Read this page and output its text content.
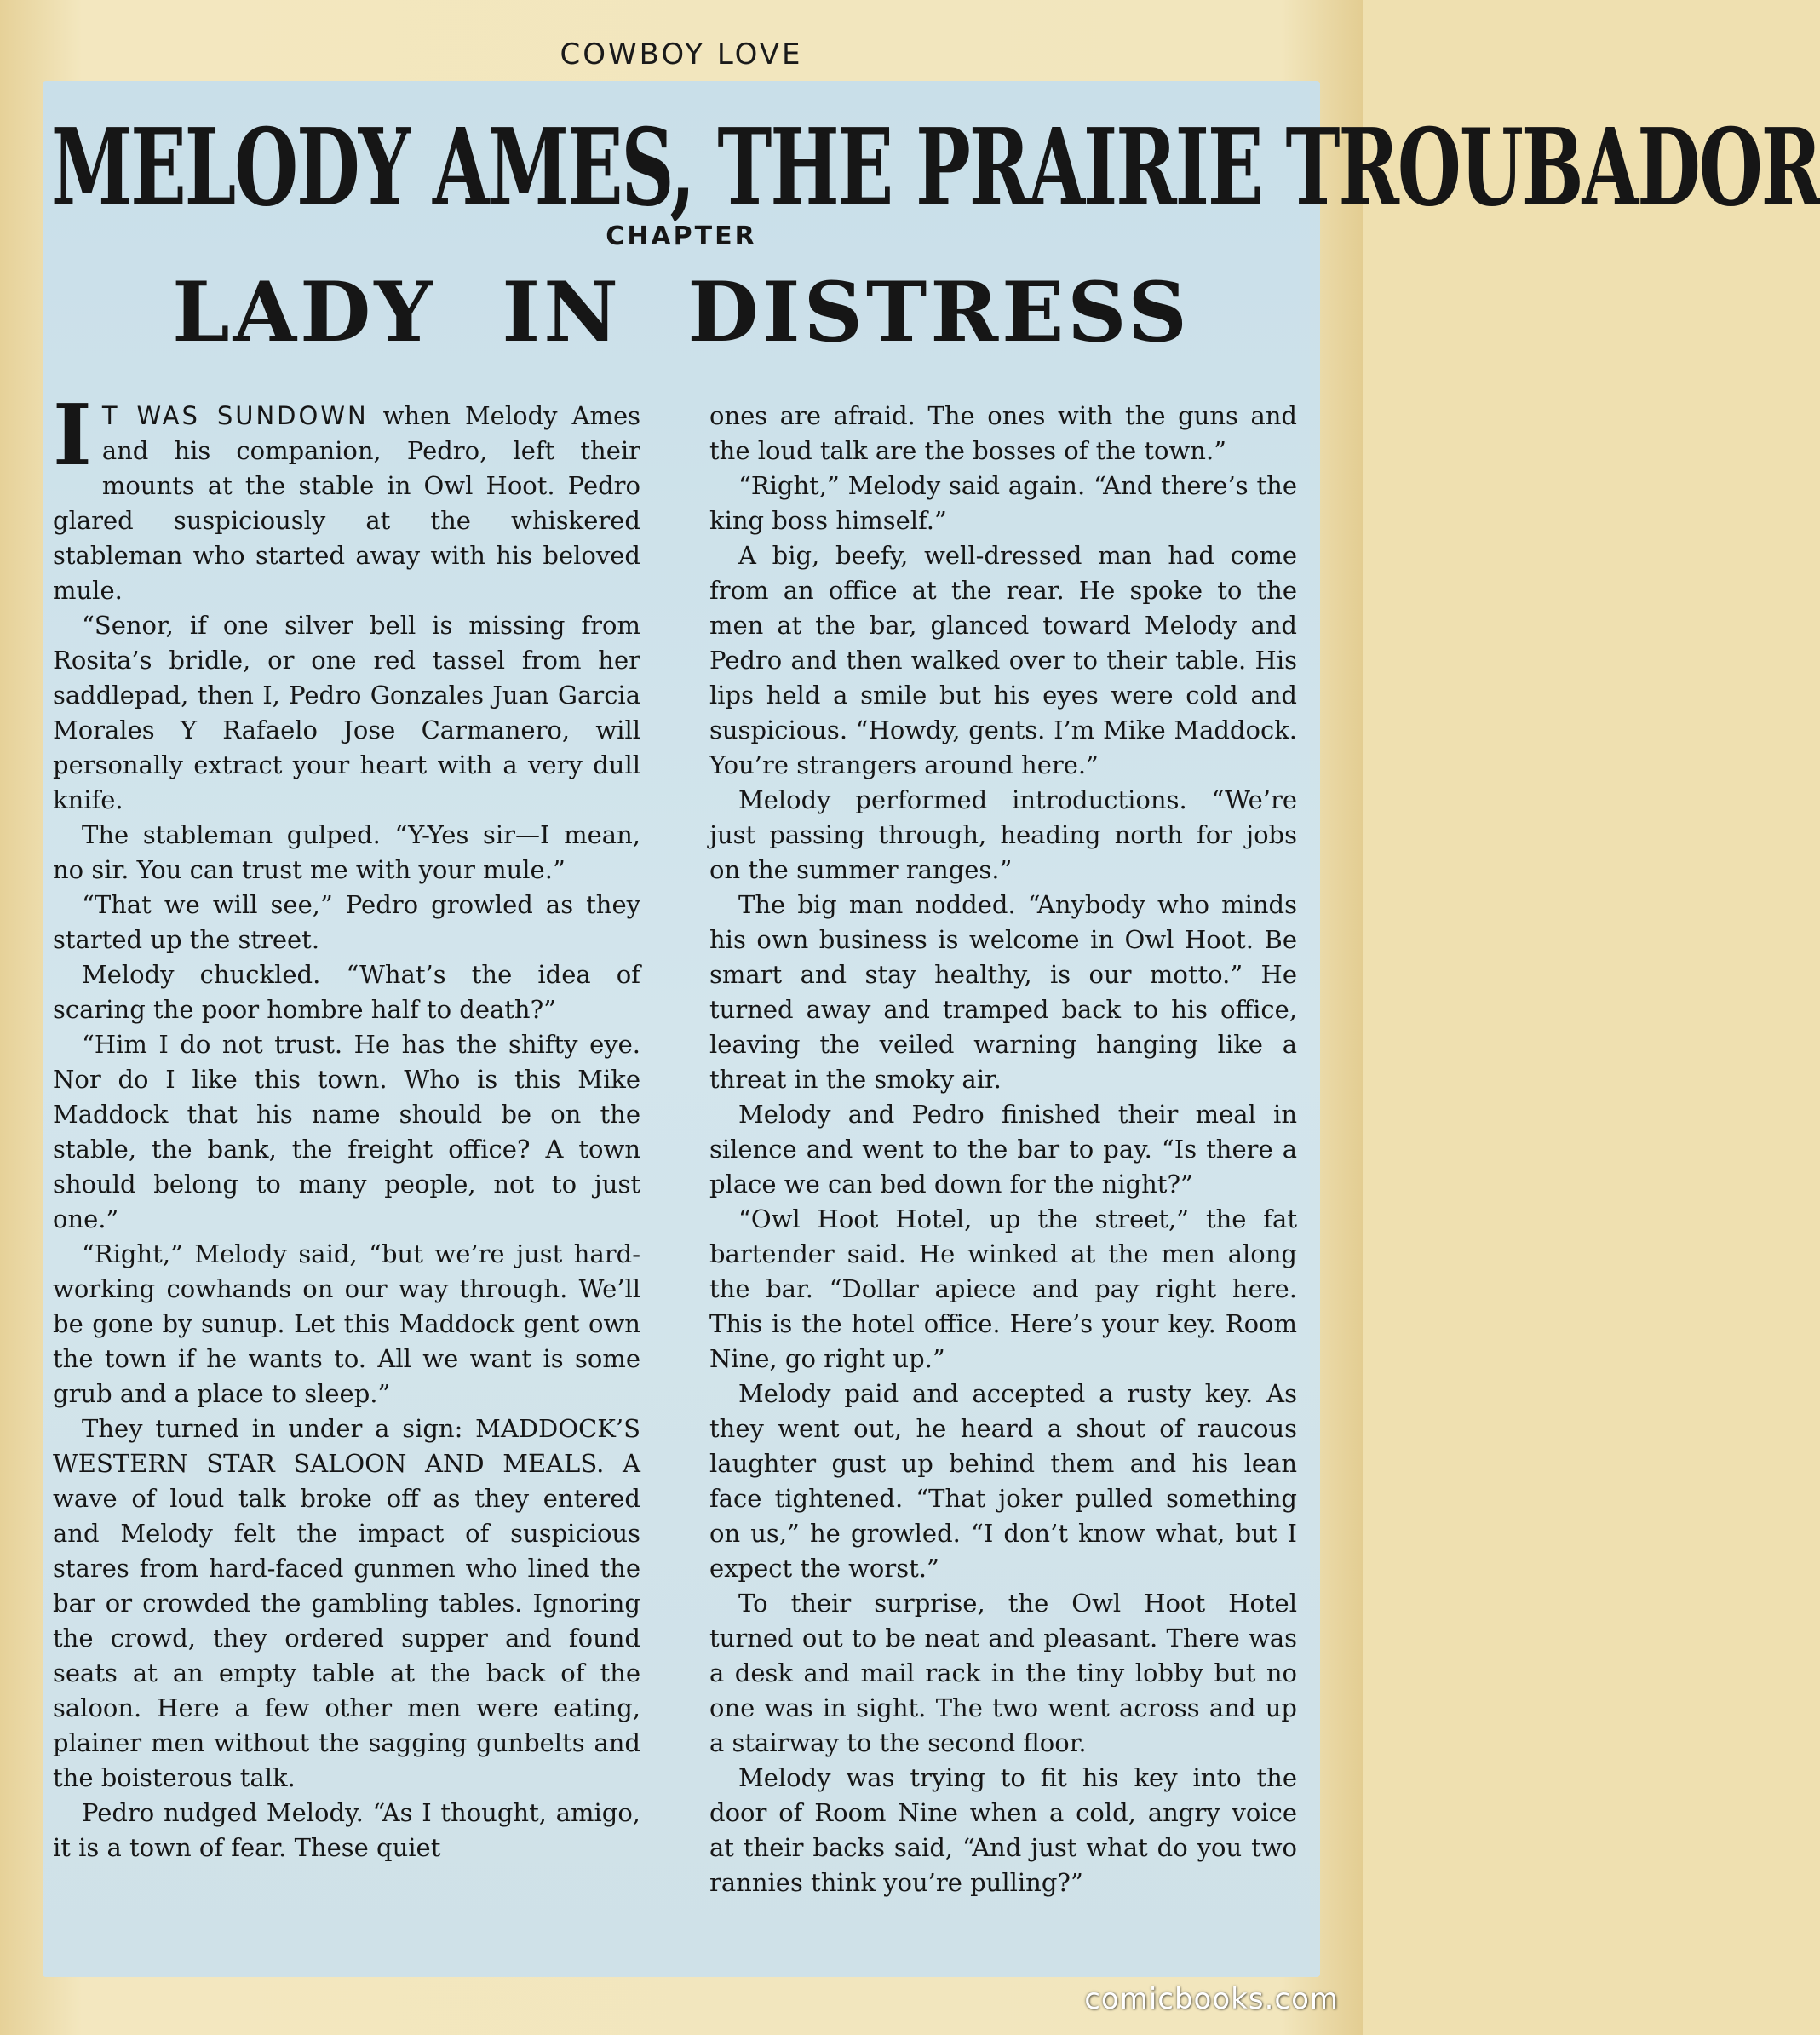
COWBOY LOVE
MELODY AMES, THE PRAIRIE TROUBADOR
CHAPTER
LADY IN DISTRESS

I T WAS SUNDOWN when Melody Ames and his companion, Pedro, left their mounts at the stable in Owl Hoot. Pedro glared suspiciously at the whiskered stableman who started away with his beloved mule.

“Senor, if one silver bell is missing from Rosita’s bridle, or one red tassel from her saddlepad, then I, Pedro Gonzales Juan Garcia Morales Y Rafaelo Jose Carmanero, will personally extract your heart with a very dull knife.

The stableman gulped. “Y-Yes sir—I mean, no sir. You can trust me with your mule.”

“That we will see,” Pedro growled as they started up the street.

Melody chuckled. “What’s the idea of scaring the poor hombre half to death?”

“Him I do not trust. He has the shifty eye. Nor do I like this town. Who is this Mike Maddock that his name should be on the stable, the bank, the freight office? A town should belong to many people, not to just one.”

“Right,” Melody said, “but we’re just hard-working cowhands on our way through. We’ll be gone by sunup. Let this Maddock gent own the town if he wants to. All we want is some grub and a place to sleep.”

They turned in under a sign: MADDOCK’S WESTERN STAR SALOON AND MEALS. A wave of loud talk broke off as they entered and Melody felt the impact of suspicious stares from hard-faced gunmen who lined the bar or crowded the gambling tables. Ignoring the crowd, they ordered supper and found seats at an empty table at the back of the saloon. Here a few other men were eating, plainer men without the sagging gunbelts and the boisterous talk.

Pedro nudged Melody. “As I thought, amigo, it is a town of fear. These quiet

ones are afraid. The ones with the guns and the loud talk are the bosses of the town.”

“Right,” Melody said again. “And there’s the king boss himself.”

A big, beefy, well-dressed man had come from an office at the rear. He spoke to the men at the bar, glanced toward Melody and Pedro and then walked over to their table. His lips held a smile but his eyes were cold and suspicious. “Howdy, gents. I’m Mike Maddock. You’re strangers around here.”

Melody performed introductions. “We’re just passing through, heading north for jobs on the summer ranges.”

The big man nodded. “Anybody who minds his own business is welcome in Owl Hoot. Be smart and stay healthy, is our motto.” He turned away and tramped back to his office, leaving the veiled warning hanging like a threat in the smoky air.

Melody and Pedro finished their meal in silence and went to the bar to pay. “Is there a place we can bed down for the night?”

“Owl Hoot Hotel, up the street,” the fat bartender said. He winked at the men along the bar. “Dollar apiece and pay right here. This is the hotel office. Here’s your key. Room Nine, go right up.”

Melody paid and accepted a rusty key. As they went out, he heard a shout of raucous laughter gust up behind them and his lean face tightened. “That joker pulled something on us,” he growled. “I don’t know what, but I expect the worst.”

To their surprise, the Owl Hoot Hotel turned out to be neat and pleasant. There was a desk and mail rack in the tiny lobby but no one was in sight. The two went across and up a stairway to the second floor.

Melody was trying to fit his key into the door of Room Nine when a cold, angry voice at their backs said, “And just what do you two rannies think you’re pulling?”

comicbooks.com
